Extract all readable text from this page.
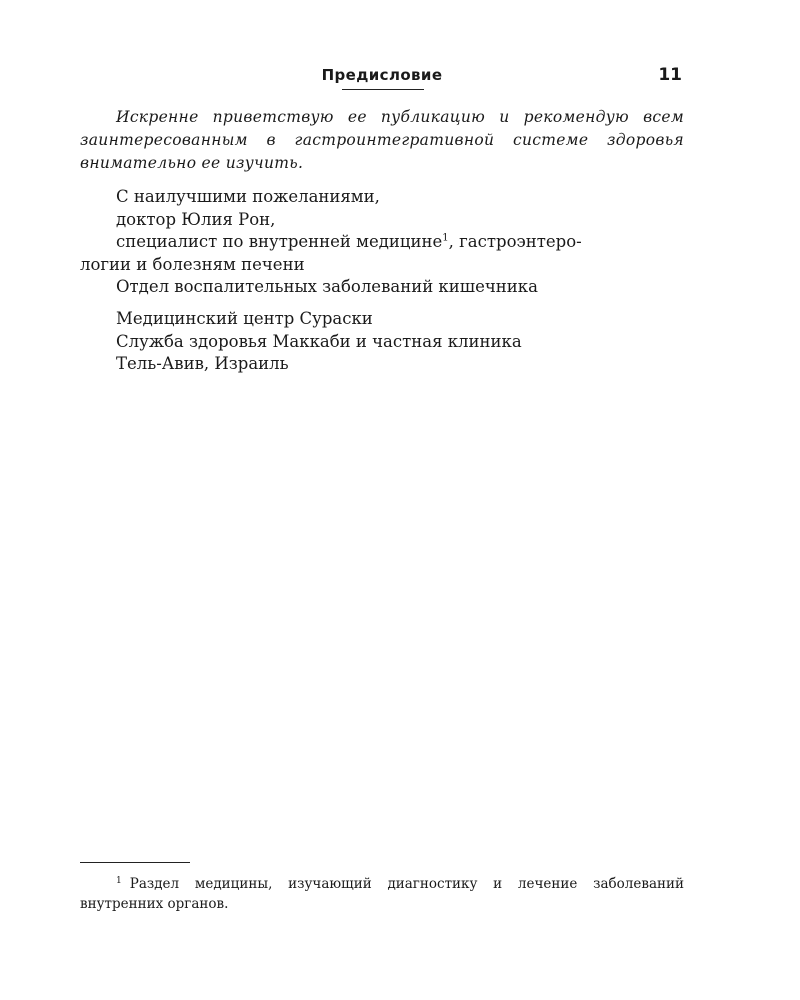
Предисловие	11

Искренне приветствую ее публикацию и рекомендую всем заинтересованным в гастроинтегративной системе здоровья внимательно ее изучить.

С наилучшими пожеланиями,
доктор Юлия Рон,
специалист по внутренней медицине$^1$, гастроэнтеро-
логии и болезням печени
Отдел воспалительных заболеваний кишечника
Медицинский центр Сураски
Служба здоровья Маккаби и частная клиника
Тель-Авив, Израиль

$^1$ Раздел медицины, изучающий диагностику и лечение заболеваний внутренних органов.
